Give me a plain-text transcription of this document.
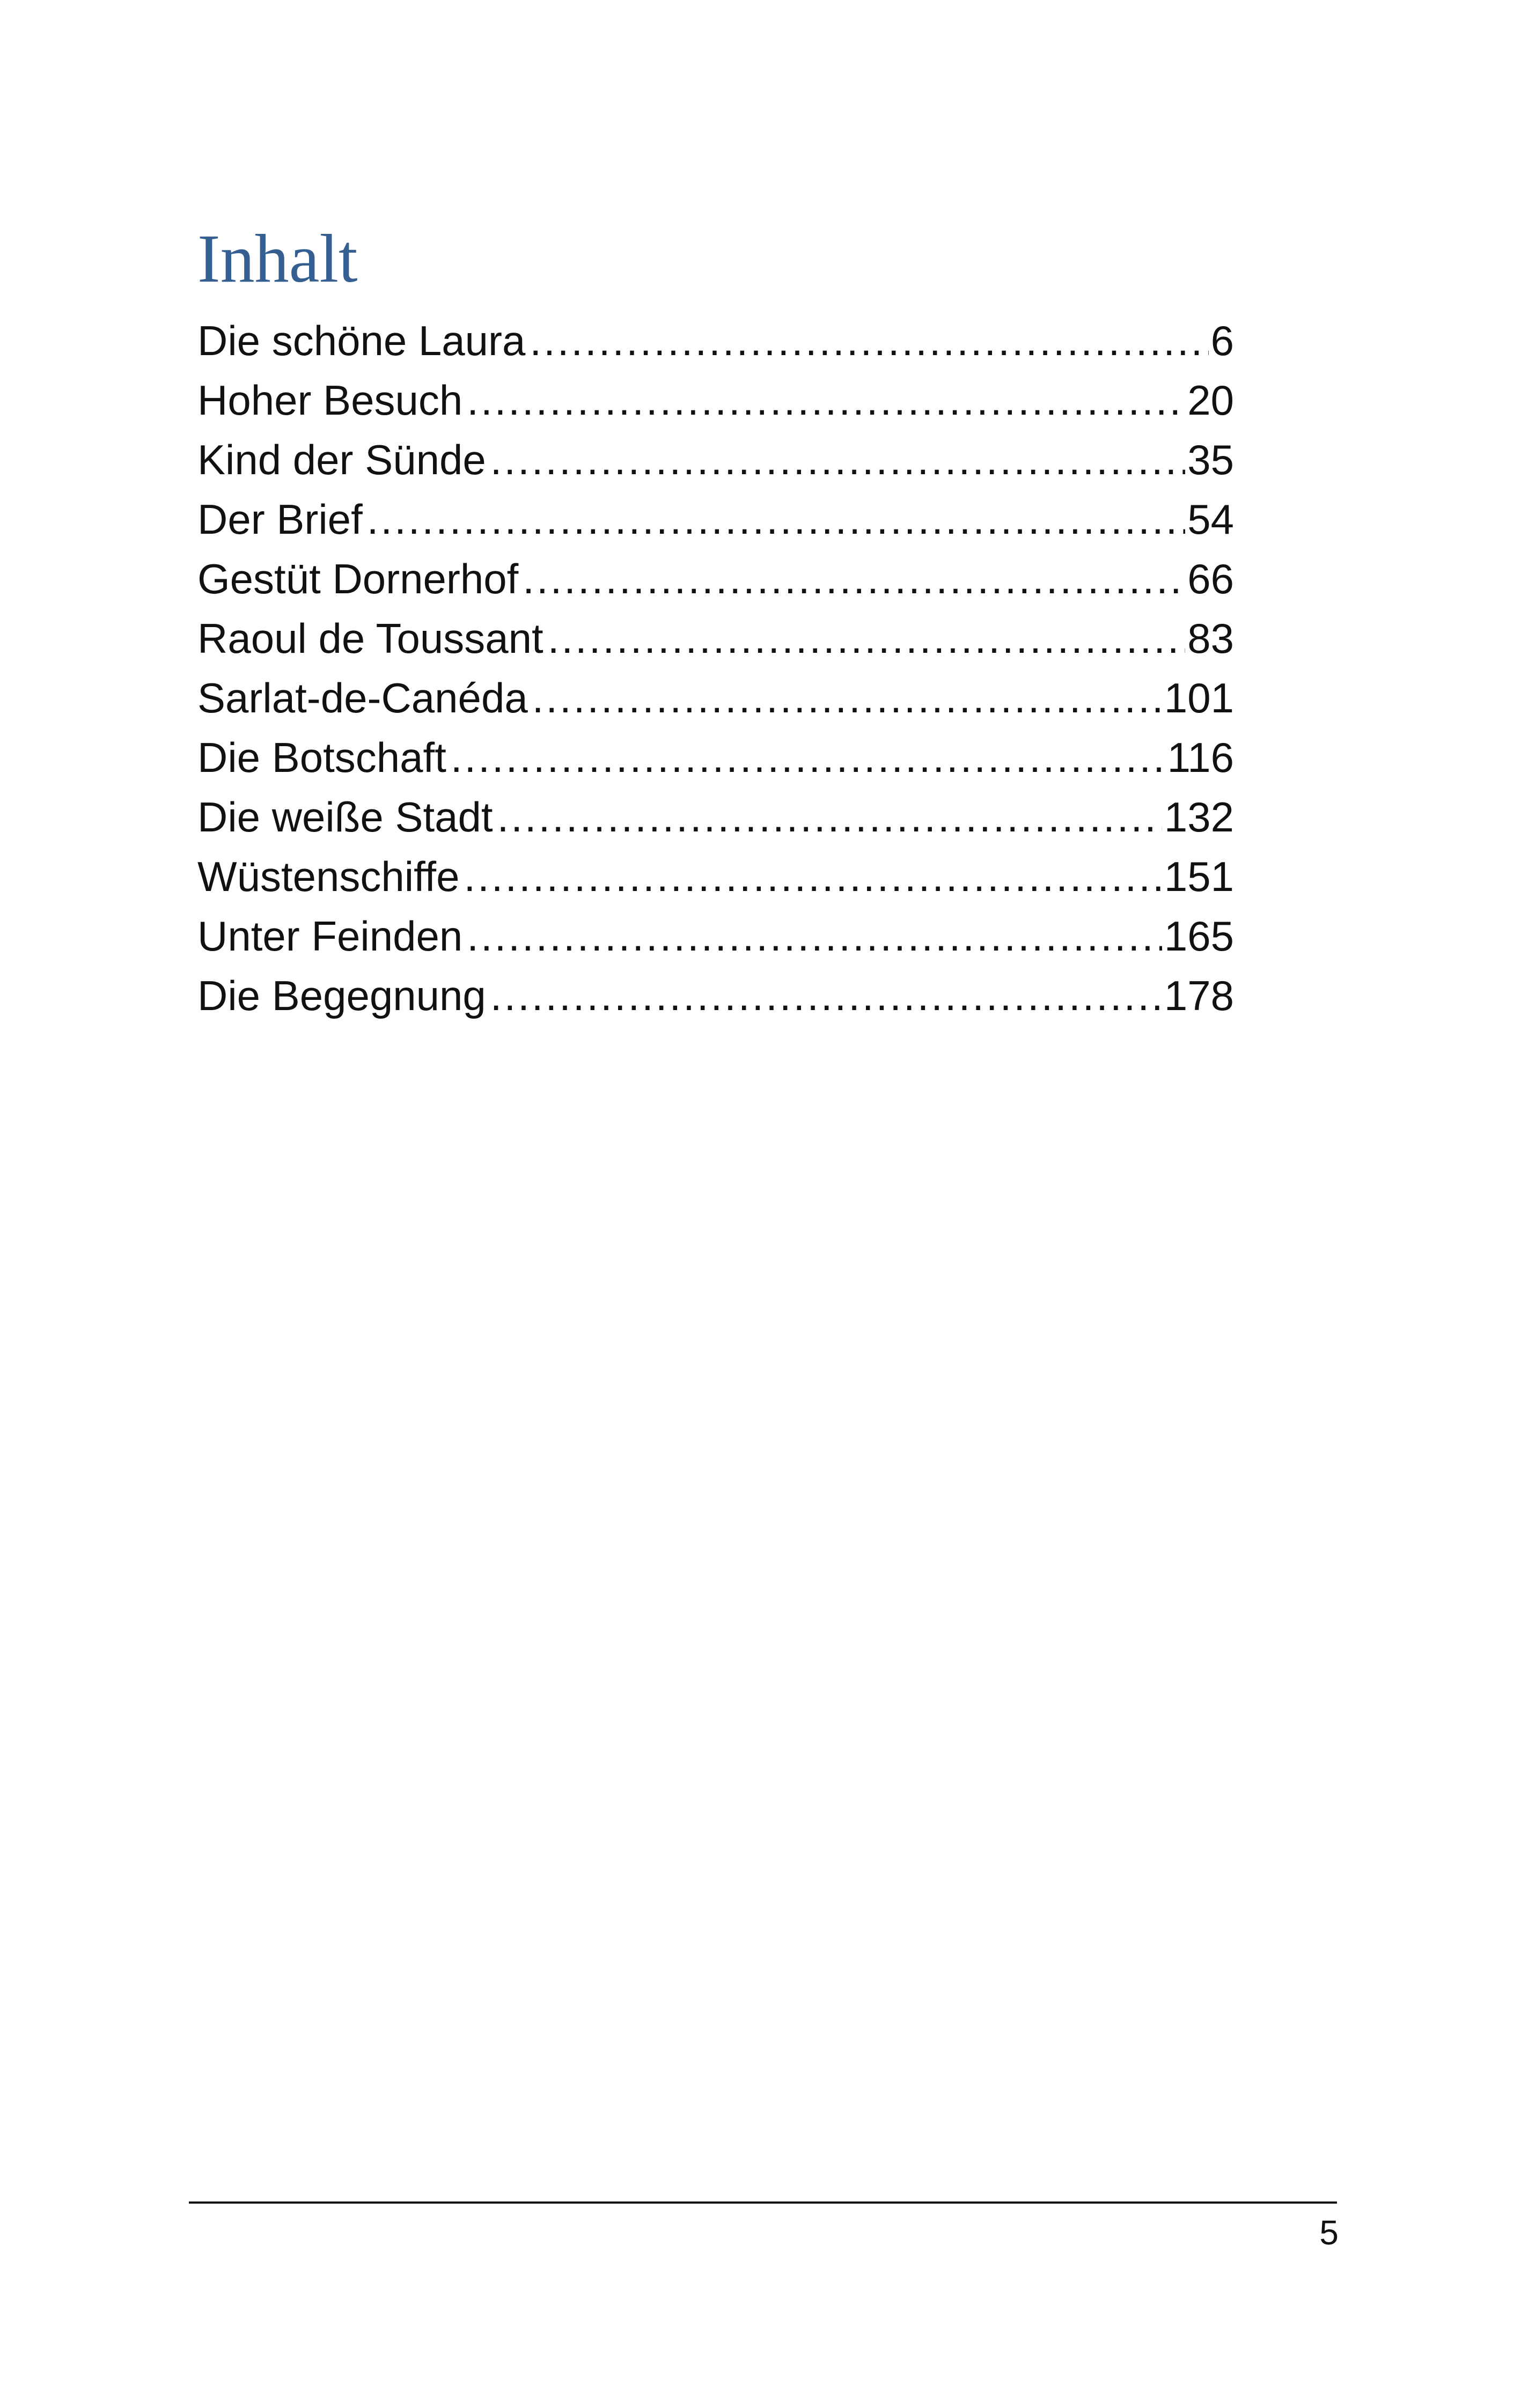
Inhalt
Die schöne Laura .....	6
Hoher Besuch .....	20
Kind der Sünde .....	35
Der Brief .....	54
Gestüt Dornerhof .....	66
Raoul de Toussant .....	83
Sarlat-de-Canéda .....	101
Die Botschaft .....	116
Die weiße Stadt .....	132
Wüstenschiffe .....	151
Unter Feinden .....	165
Die Begegnung .....	178
5
